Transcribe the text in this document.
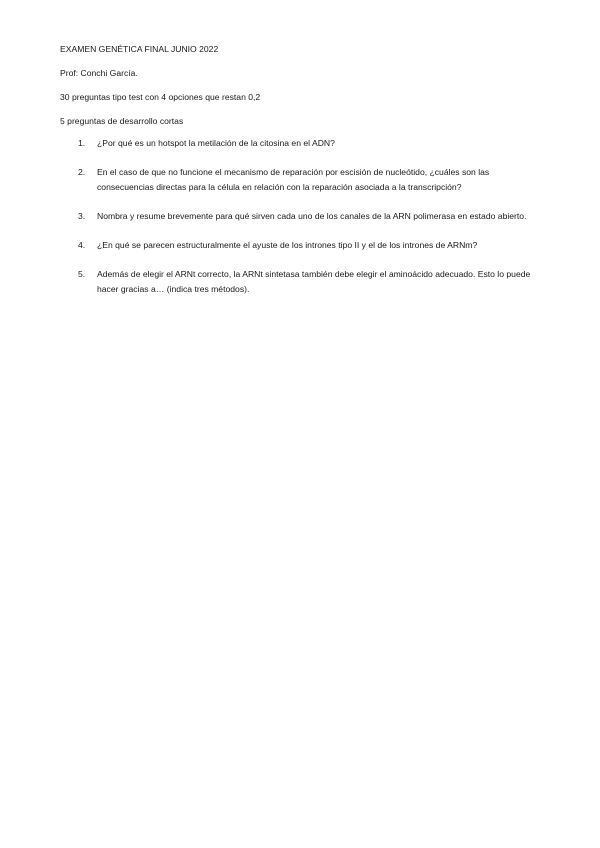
EXAMEN GENÉTICA FINAL JUNIO 2022
Prof: Conchi García.
30 preguntas tipo test con 4 opciones que restan 0,2
5 preguntas de desarrollo cortas
1. ¿Por qué es un hotspot la metilación de la citosina en el ADN?
2. En el caso de que no funcione el mecanismo de reparación por escisión de nucleótido, ¿cuáles son las consecuencias directas para la célula en relación con la reparación asociada a la transcripción?
3. Nombra y resume brevemente para qué sirven cada uno de los canales de la ARN polimerasa en estado abierto.
4. ¿En qué se parecen estructuralmente el ayuste de los intrones tipo II y el de los intrones de ARNm?
5. Además de elegir el ARNt correcto, la ARNt sintetasa también debe elegir el aminoácido adecuado. Esto lo puede hacer gracias a… (indica tres métodos).
